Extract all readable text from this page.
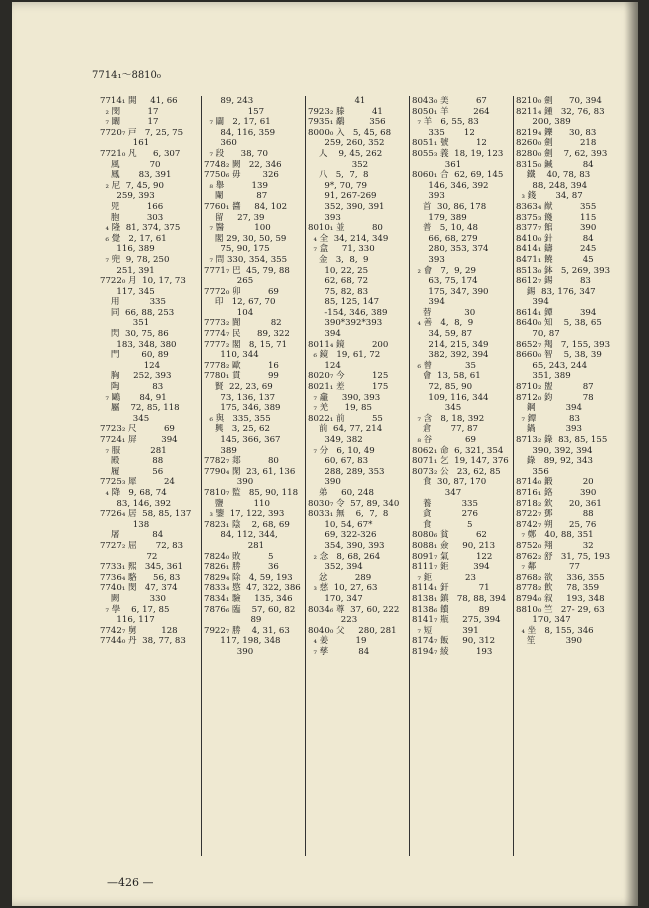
7714₁～8810₀
7714₁ 閧     41, 66
₂ 閔          17
₇ 闞          17
7720₇ 戸   7, 25, 75
161
7721₀ 凡      6, 307
風           70
鳳       83, 391
₂ 尼  7, 45, 90
259, 393
兕          166
胞          303
₄ 隆  81, 374, 375
₆ 覺   2, 17, 61
116, 389
₇ 兜  9, 78, 250
251, 391
7722₀ 月  10, 17, 73
117, 345
用           335
同  66, 88, 253
351
閃  30, 75, 86
183, 348, 380
門        60, 89
124
胸     252, 393
陶            83
₇ 鷗       84, 91
屬    72, 85, 118
345
7723₂ 尺          69
7724₁ 屏         394
₇ 服           281
殿            88
履            56
7725₃ 犀          24
₄ 降   9, 68, 74
83, 146, 392
7726₄ 居  58, 85, 137
138
屠            84
7727₂ 屈       72, 83
72
7733₁ 熙   345, 361
7736₄ 駱      56, 83
7740₁ 閔   47, 374
闕           330
₇ 學    6, 17, 85
116, 117
7742₇ 舅         128
7744₀ 丹  38, 77, 83
89, 243
157
₇ 闢   2, 17, 61
84, 116, 359
360
₇ 段      38, 70
7748₂ 闕   22, 346
7750₆ 毋        326
₈ 舉          139
闌            87
7760₁ 醬     84, 102
留     27, 39
₇ 醫           100
閣 29, 30, 50, 59
75, 90, 175
₇ 問 330, 354, 355
7771₇ 巴  45, 79, 88
265
7772₀ 卯          69
印   12, 67, 70
104
7773₂ 閬           82
7774₇ 民      89, 322
7777₂ 閣   8, 15, 71
110, 344
7778₂ 歐          16
7780₁ 貫          99
賢  22, 23, 69
73, 136, 137
175, 346, 389
₆ 與   335, 355
興   3, 25, 62
145, 366, 367
389
7782₇ 郯          80
7790₄ 閑  23, 61, 136
390
7810₇ 監   85, 90, 118
鹽           110
₃ 鑒  17, 122, 393
7823₁ 陰    2, 68, 69
84, 112, 344,
281
7824₀ 敗          5
7826₁ 勝          36
7829₄ 除   4, 59, 193
7833₄ 愍  47, 322, 386
7834₁ 驗     135, 346
7876₆ 臨    57, 60, 82
89
7922₇ 勝    4, 31, 63
117, 198, 348
390
41
7923₂ 滕          41
7935₁ 鷸         356
8000₀ 入   5, 45, 68
259, 260, 352
人    9, 45, 262
352
八   5,  7,  8
9*, 70, 79
91, 267-269
352, 390, 391
393
8010₁ 並          80
₄ 全  34, 214, 349
₇ 盒     71, 330
金   3,  8,  9
10, 22, 25
62, 68, 72
75, 82, 83
85, 125, 147
-154, 346, 389
390*392*393
394
8011₄ 鏡          200
₆ 鏡   19, 61, 72
124
8020₇ 今          125
8021₁ 差          175
₇ 龕     390, 393
₇ 羌      19, 85
8022₁ 前          55
前  64, 77, 214
349, 382
₇ 分   6, 10, 49
60, 67, 83
288, 289, 353
390
弟     60, 248
8030₇ 令  57, 89, 340
8033₁ 無    6,  7,  8
10, 54, 67*
69, 322-326
354, 390, 393
₂ 念   8, 68, 264
352, 394
忿          289
₃ 慈  10, 27, 63
170, 347
8034₆ 尊  37, 60, 222
223
8040₀ 父     280, 281
₄ 姜          19
₇ 孳           84
8043₀ 美          67
8050₁ 羊         264
₇ 羊   6, 55, 83
335       12
8051₁ 號          12
8055₃ 義  18, 19, 123
361
8060₁ 合  62, 69, 145
146, 346, 392
393
首  30, 86, 178
179, 389
普   5, 10, 48
66, 68, 279
280, 353, 374
393
₂ 會   7,  9, 29
63, 75, 174
175, 347, 390
394
替            30
₄ 善   4,  8,  9
34, 59, 87
214, 215, 349
382, 392, 394
₆ 曾            35
會  13, 58, 61
72, 85, 90
109, 116, 344
345
₇ 含   8, 18, 392
倉       77, 87
₈ 谷            69
8062₁ 命  6, 321, 354
8071₁ 乞  19, 147, 376
8073₂ 公   23, 62, 85
食  30, 87, 170
347
養           335
貪           276
食             5
8080₆ 貧          62
8088₁ 僉     90, 213
8091₇ 氣          122
8111₇ 鉅         394
₇ 鉅            23
8114₁ 釬           71
8138₁ 鎮   78, 88, 394
8138₆ 饋           89
8141₇ 瓶     275, 394
₇ 短           391
8174₇ 飯     90, 312
8194₇ 綾          193
8210₀ 劍      70, 394
8211₄ 鍾   32, 76, 83
200, 389
8219₄ 鑠      30, 83
8260₀ 劍          218
8280₀ 劍    7, 62, 393
8315₀ 鍼           84
鐵    40, 78, 83
88, 248, 394
₃ 錢       34, 87
8363₄ 猷          355
8375₃ 餞          115
8377₇ 館          390
8410₀ 針           84
8414₁ 鑄          245
8471₁ 饒           45
8513₀ 鉢   5, 269, 393
8612₇ 錫          83
錫  83, 176, 347
394
8614₁ 鐔          394
8640₀ 知    5, 38, 65
70, 87
8652₇ 羯   7, 155, 393
8660₀ 智    5, 38, 39
65, 243, 244
351, 389
8710₂ 盥           87
8712₀ 鈞           78
鋼           394
₇ 鐔            83
鍋           393
8713₂ 錄  83, 85, 155
390, 392, 394
錄   89, 92, 343
356
8714₀ 鍛           20
8716₁ 鉻          390
8718₂ 欽      20, 361
8722₇ 鄧           88
8742₇ 朔      25, 76
₇ 鄭   40, 88, 351
8752₀ 翔           32
8762₂ 舒   31, 75, 193
₇ 鄰            77
8768₂ 欲     336, 355
8778₂ 飲     78, 359
8794₀ 叙     193, 348
8810₀ 竺   27- 29, 63
170, 347
₄ 坐   8, 155, 346
笙           390
—426 —
